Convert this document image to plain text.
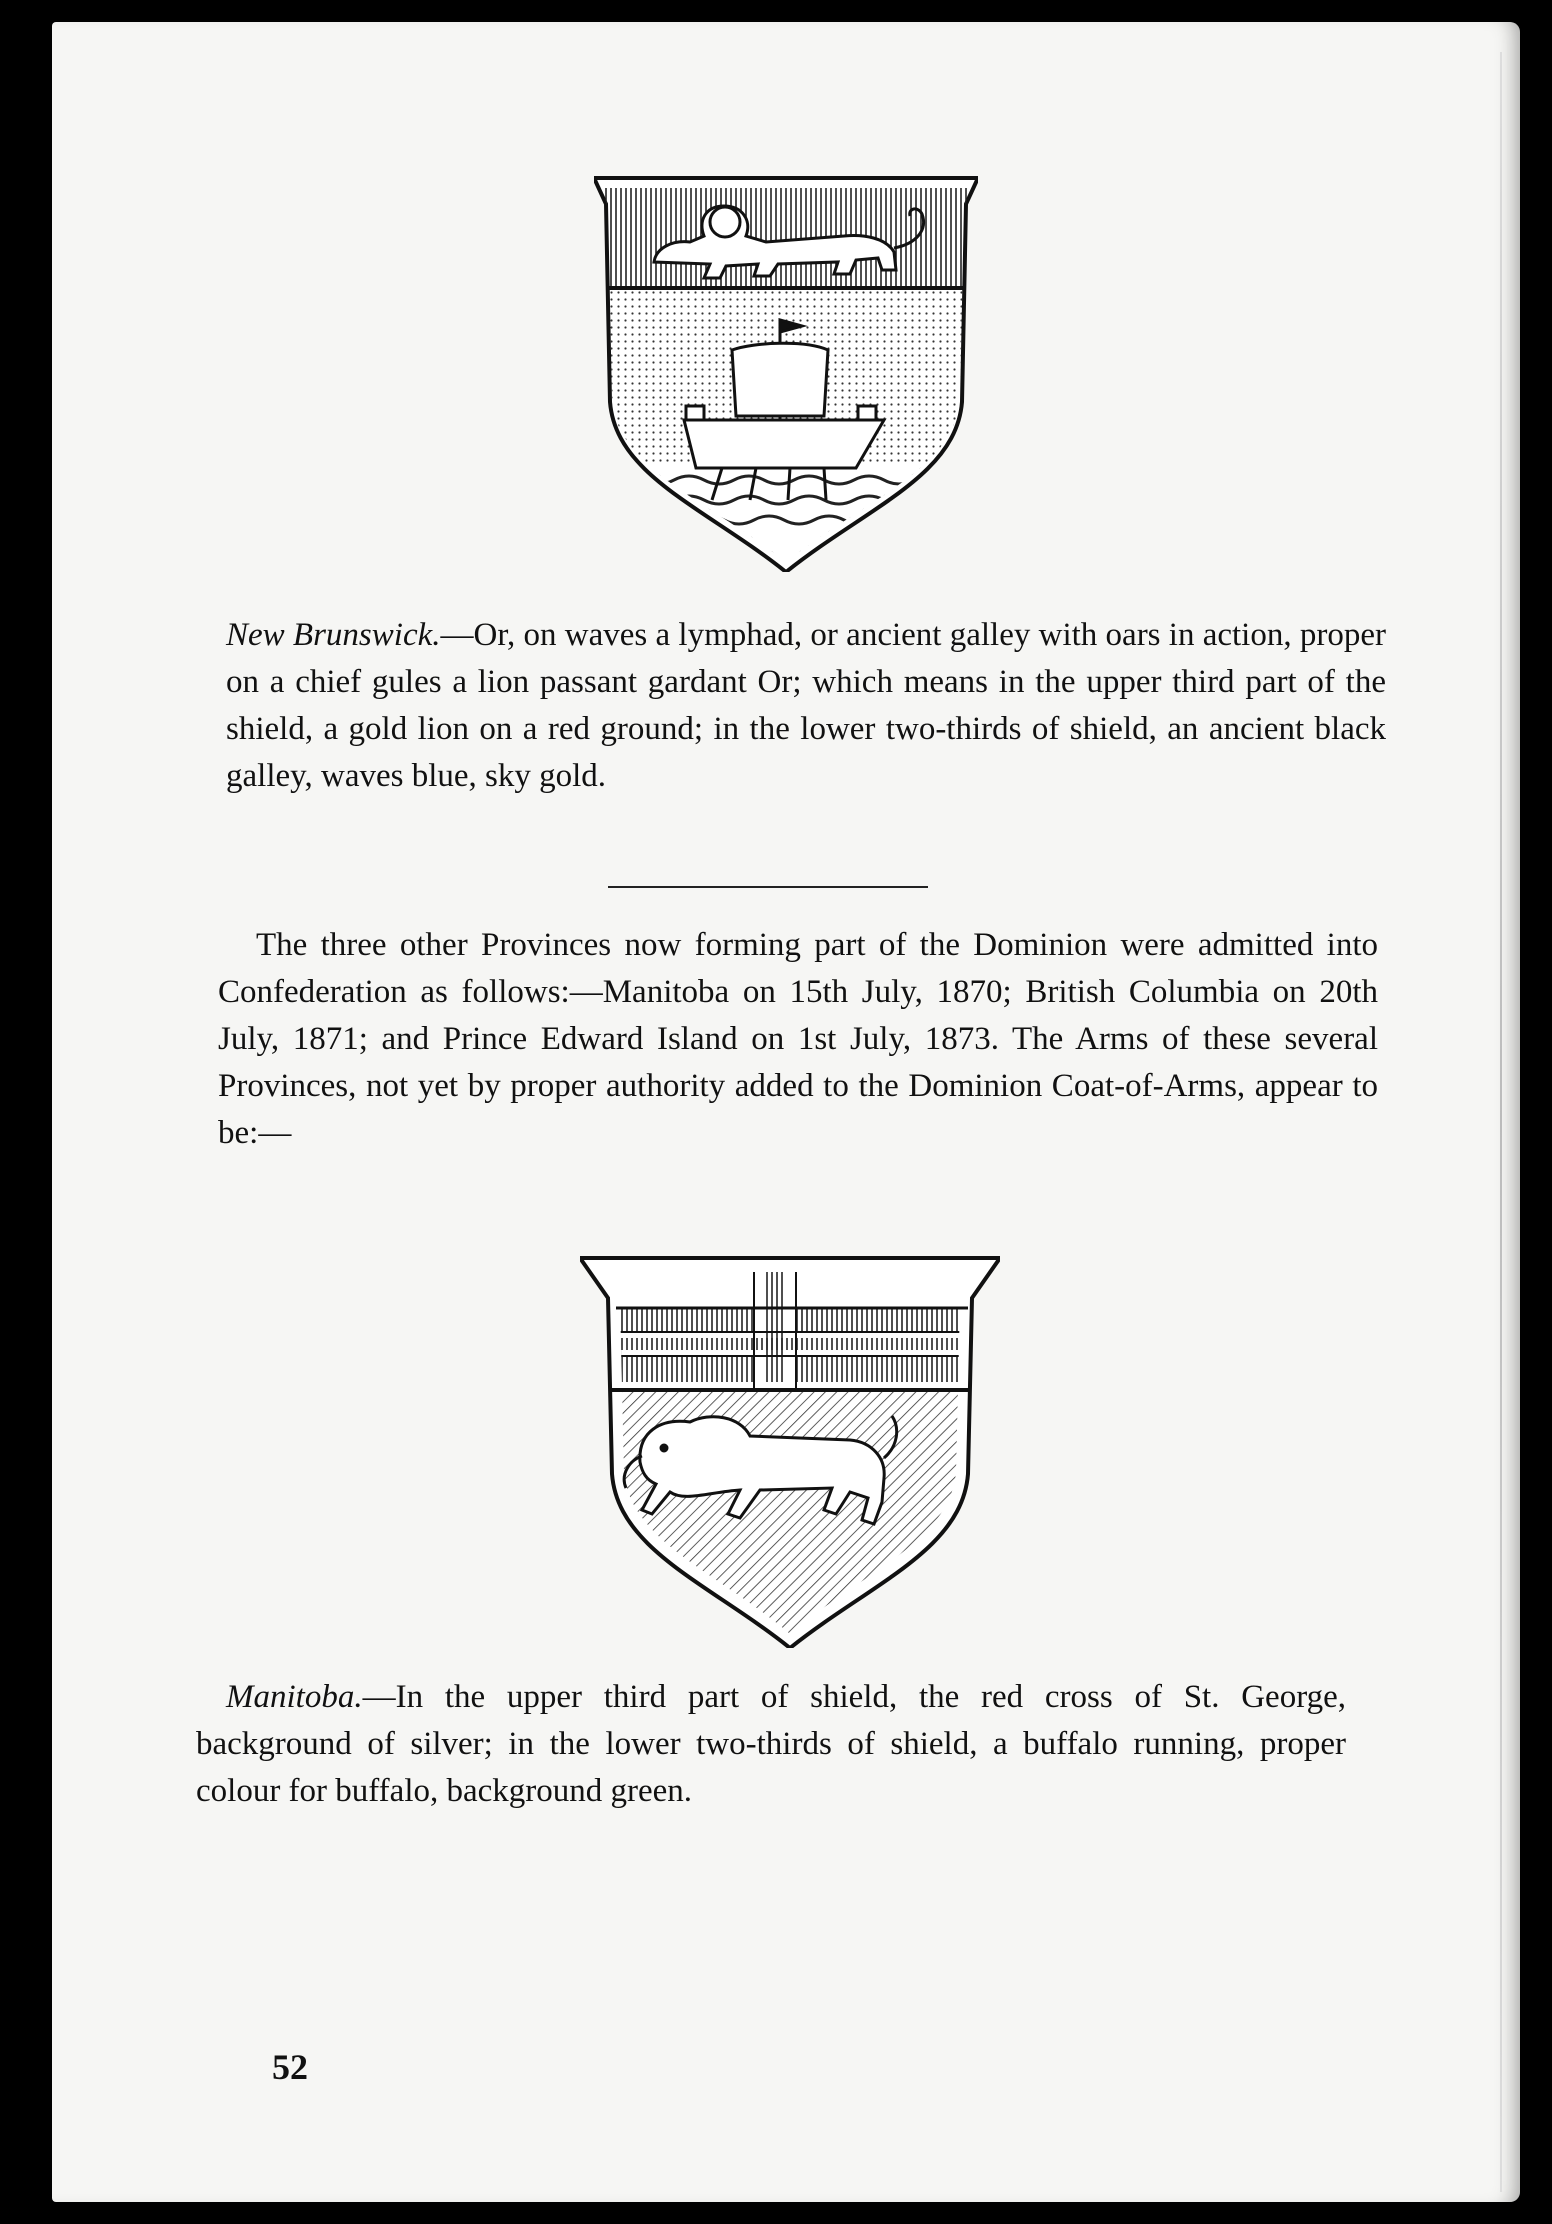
New Brunswick.—Or, on waves a lymphad, or ancient galley with oars in action, proper on a chief gules a lion passant gardant Or; which means in the upper third part of the shield, a gold lion on a red ground; in the lower two-thirds of shield, an ancient black galley, waves blue, sky gold.

The three other Provinces now forming part of the Dominion were admitted into Confederation as follows:—Manitoba on 15th July, 1870; British Columbia on 20th July, 1871; and Prince Edward Island on 1st July, 1873. The Arms of these several Provinces, not yet by proper authority added to the Dominion Coat-of-Arms, appear to be:—

Manitoba.—In the upper third part of shield, the red cross of St. George, background of silver; in the lower two-thirds of shield, a buffalo running, proper colour for buffalo, background green.

52
